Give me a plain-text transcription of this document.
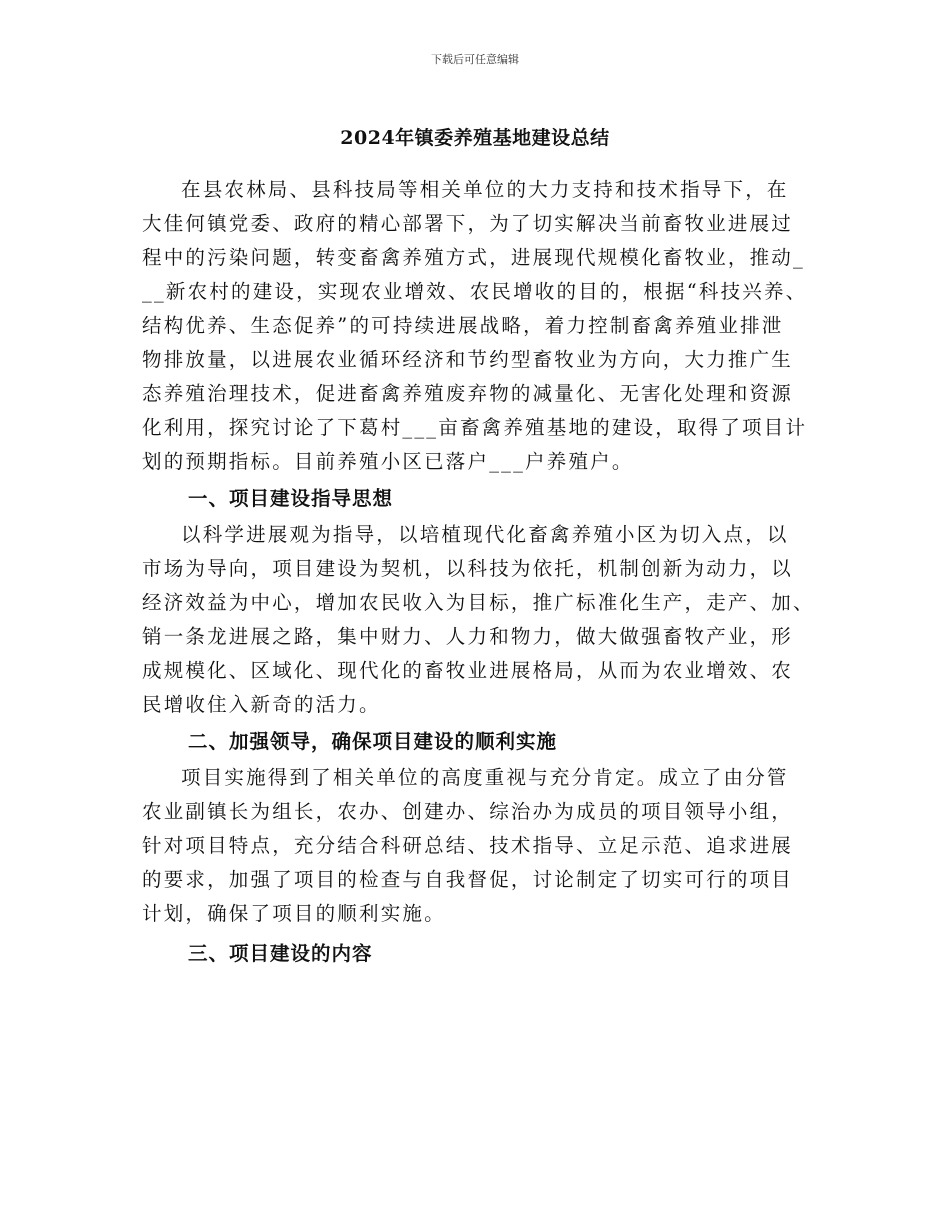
下载后可任意编辑
2024年镇委养殖基地建设总结
在县农林局、县科技局等相关单位的大力支持和技术指导下，在
大佳何镇党委、政府的精心部署下，为了切实解决当前畜牧业进展过
程中的污染问题，转变畜禽养殖方式，进展现代规模化畜牧业，推动_
__新农村的建设，实现农业增效、农民增收的目的，根据“科技兴养、
结构优养、生态促养”的可持续进展战略，着力控制畜禽养殖业排泄
物排放量，以进展农业循环经济和节约型畜牧业为方向，大力推广生
态养殖治理技术，促进畜禽养殖废弃物的减量化、无害化处理和资源
化利用，探究讨论了下葛村___亩畜禽养殖基地的建设，取得了项目计
划的预期指标。目前养殖小区已落户___户养殖户。
一、项目建设指导思想
以科学进展观为指导，以培植现代化畜禽养殖小区为切入点，以
市场为导向，项目建设为契机，以科技为依托，机制创新为动力，以
经济效益为中心，增加农民收入为目标，推广标准化生产，走产、加、
销一条龙进展之路，集中财力、人力和物力，做大做强畜牧产业，形
成规模化、区域化、现代化的畜牧业进展格局，从而为农业增效、农
民增收住入新奇的活力。
二、加强领导，确保项目建设的顺利实施
项目实施得到了相关单位的高度重视与充分肯定。成立了由分管
农业副镇长为组长，农办、创建办、综治办为成员的项目领导小组，
针对项目特点，充分结合科研总结、技术指导、立足示范、追求进展
的要求，加强了项目的检查与自我督促，讨论制定了切实可行的项目
计划，确保了项目的顺利实施。
三、项目建设的内容
